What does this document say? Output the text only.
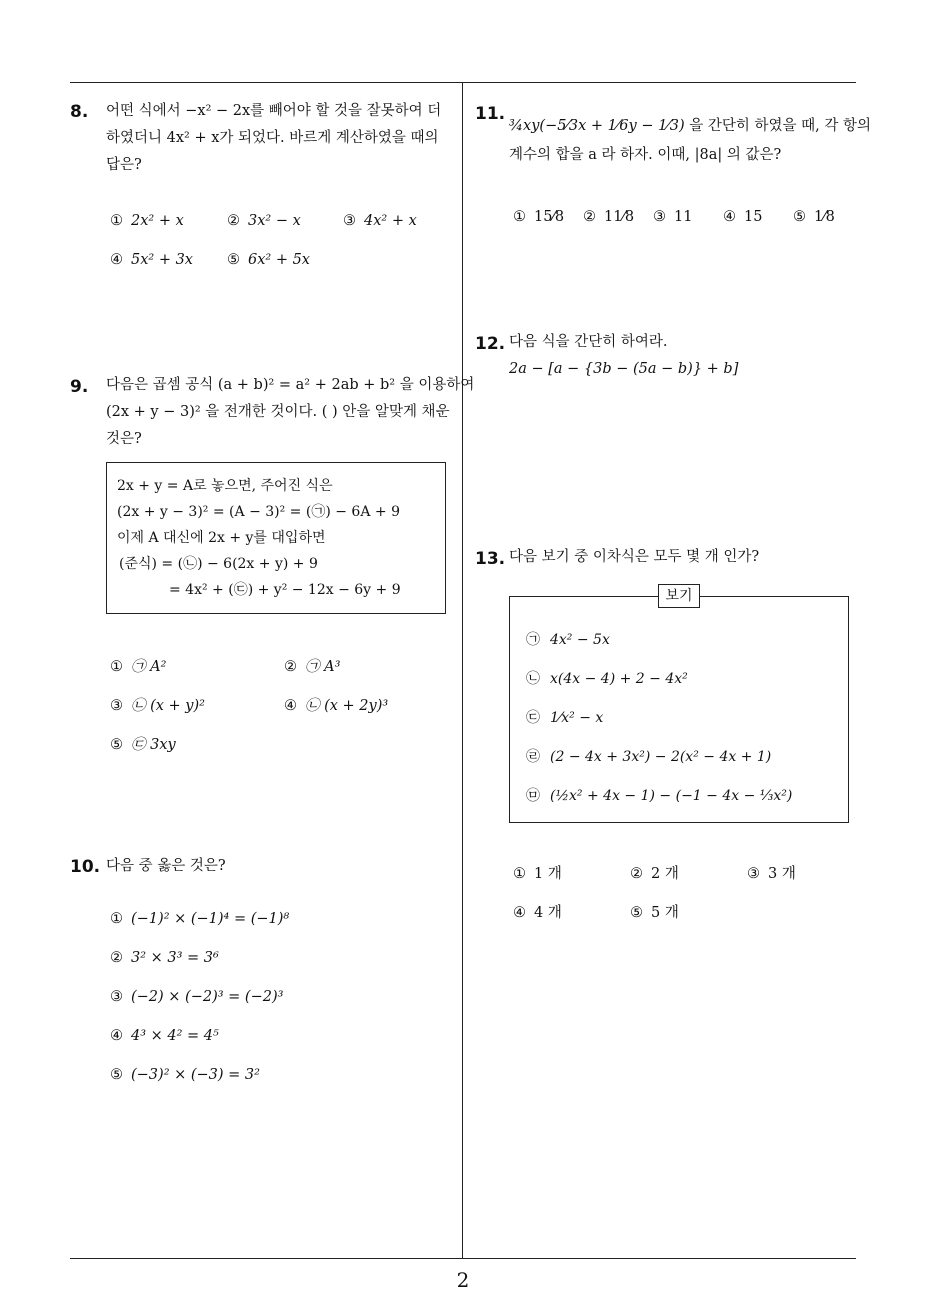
8. 어떤 식에서 −x² − 2x를 빼어야 할 것을 잘못하여 더
하였더니 4x² + x가 되었다. 바르게 계산하였을 때의
답은?
① 2x² + x	② 3x² − x	③ 4x² + x
④ 5x² + 3x ⑤ 6x² + 5x
9. 다음은 곱셈 공식 (a + b)² = a² + 2ab + b² 을 이용하여
(2x + y − 3)² 을 전개한 것이다. ( ) 안을 알맞게 채운
것은?
2x + y = A로 놓으면, 주어진 식은
(2x + y − 3)² = (A − 3)² = (㉠) − 6A + 9
이제 A 대신에 2x + y를 대입하면
(준식) = (㉡) − 6(2x + y) + 9
= 4x² + (㉢) + y² − 12x − 6y + 9
① ㉠ A²	② ㉠ A³
③ ㉡ (x + y)²	④ ㉡ (x + 2y)³
⑤ ㉢ 3xy
10. 다음 중 옳은 것은?
① (−1)² × (−1)⁴ = (−1)⁸
② 3² × 3³ = 3⁶
③ (−2) × (−2)³ = (−2)³
④ 4³ × 4² = 4⁵
⑤ (−3)² × (−3) = 3²
11.
¾xy(−5⁄3x + 1⁄6y − 1⁄3) 을 간단히 하였을 때, 각 항의
계수의 합을 a 라 하자. 이때, |8a| 의 값은?
① 15⁄8 ② 11⁄8 ③ 11 ④ 15 ⑤ 1⁄8
12. 다음 식을 간단히 하여라.
2a − [a − {3b − (5a − b)} + b]
13. 다음 보기 중 이차식은 모두 몇 개 인가?
㉠ 4x² − 5x
㉡ x(4x − 4) + 2 − 4x²
㉢ 1⁄x² − x
㉣ (2 − 4x + 3x²) − 2(x² − 4x + 1)
㉤ (½x² + 4x − 1) − (−1 − 4x − ⅓x²)
보기
① 1 개	② 2 개	③ 3 개
④ 4 개	⑤ 5 개
2
